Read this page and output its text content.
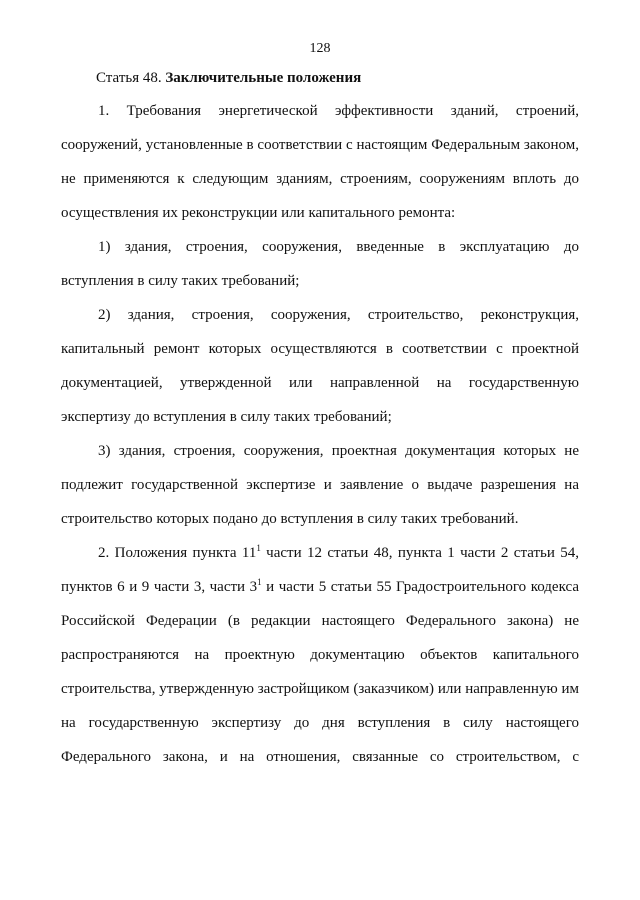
128
Статья 48. Заключительные положения

1. Требования энергетической эффективности зданий, строений, сооружений, установленные в соответствии с настоящим Федеральным законом, не применяются к следующим зданиям, строениям, сооружениям вплоть до осуществления их реконструкции или капитального ремонта:

1) здания, строения, сооружения, введенные в эксплуатацию до вступления в силу таких требований;

2) здания, строения, сооружения, строительство, реконструкция, капитальный ремонт которых осуществляются в соответствии с проектной документацией, утвержденной или направленной на государственную экспертизу до вступления в силу таких требований;

3) здания, строения, сооружения, проектная документация которых не подлежит государственной экспертизе и заявление о выдаче разрешения на строительство которых подано до вступления в силу таких требований.

2. Положения пункта $11^1$ части 12 статьи 48, пункта 1 части 2 статьи 54, пунктов 6 и 9 части 3, части $3^1$ и части 5 статьи 55 Градостроительного кодекса Российской Федерации (в редакции настоящего Федерального закона) не распространяются на проектную документацию объектов капитального строительства, утвержденную застройщиком (заказчиком) или направленную им на государственную экспертизу до дня вступления в силу настоящего Федерального закона, и на отношения, связанные со строительством, с
